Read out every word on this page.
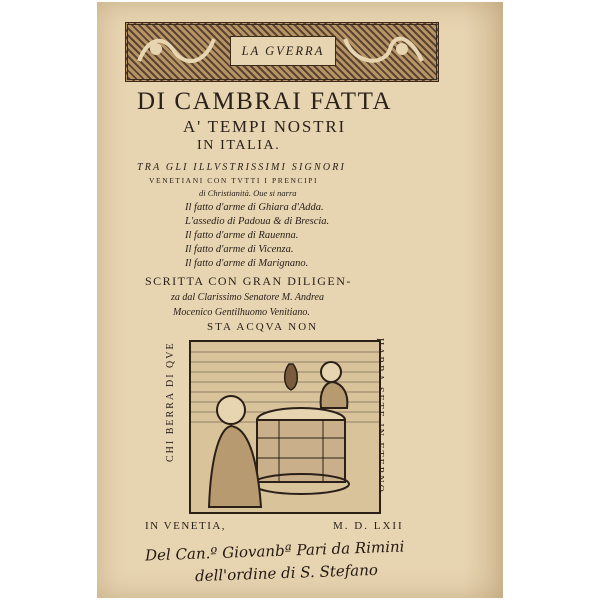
LA GVERRA
DI CAMBRAI FATTA
A' TEMPI NOSTRI
IN ITALIA.
TRA GLI ILLVSTRISSIMI SIGNORI
VENETIANI CON TVTTI I PRENCIPI
di Christianità. Oue si narra
Il fatto d'arme di Ghiara d'Adda.
L'assedio di Padoua & di Brescia.
Il fatto d'arme di Rauenna.
Il fatto d'arme di Vicenza.
Il fatto d'arme di Marignano.
SCRITTA CON GRAN DILIGEN-
za dal Clarissimo Senatore M. Andrea
Mocenico Gentilhuomo Venitiano.
STA ACQVA NON
CHI BERRA DI QVE	HARRA SETE IN ETERNO
IN VENETIA,	M. D. LXII
Del Can.º Giovanbª Pari da Rimini
dell'ordine di S. Stefano
